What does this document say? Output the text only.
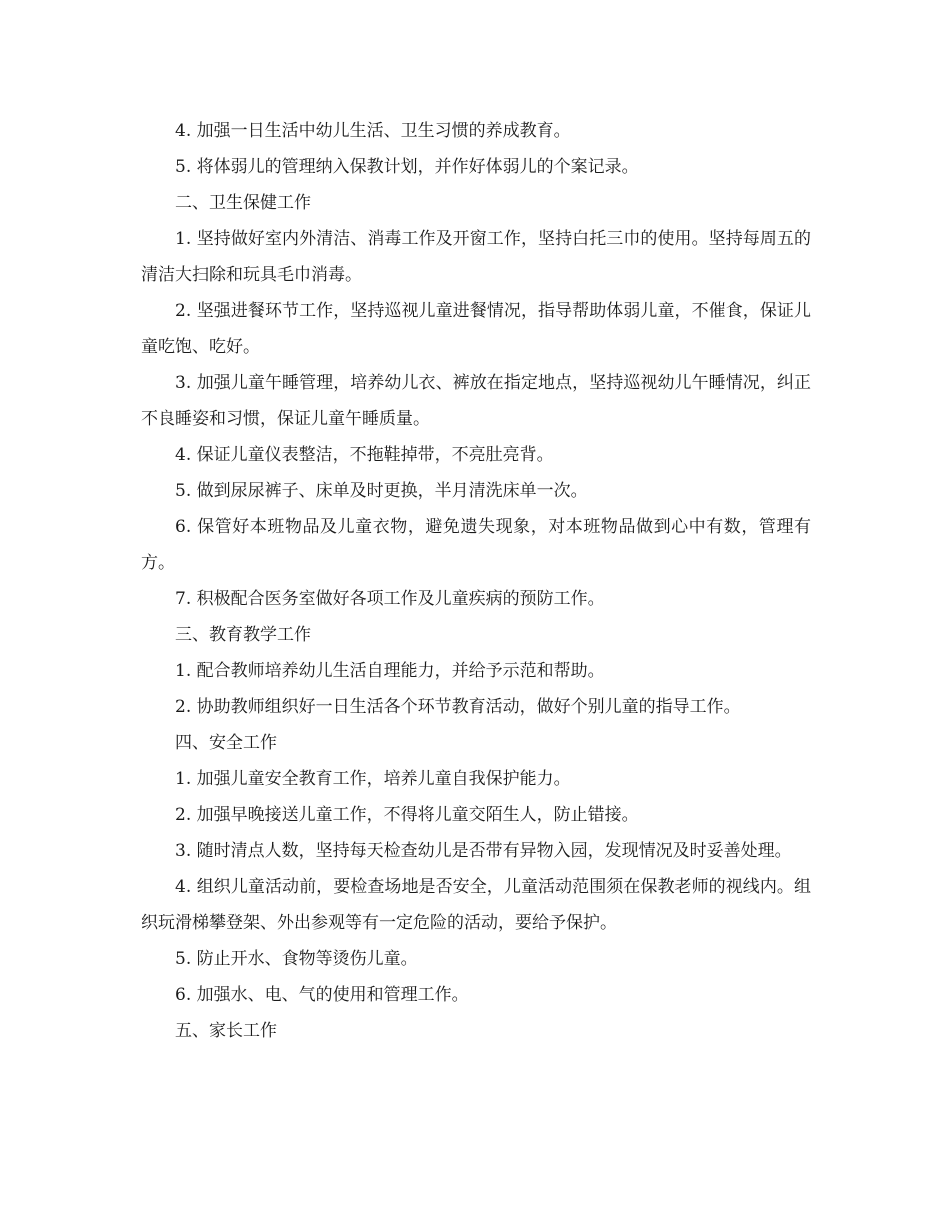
4. 加强一日生活中幼儿生活、卫生习惯的养成教育。

5. 将体弱儿的管理纳入保教计划，并作好体弱儿的个案记录。

二、卫生保健工作

1. 坚持做好室内外清洁、消毒工作及开窗工作，坚持白托三巾的使用。坚持每周五的清洁大扫除和玩具毛巾消毒。

2. 坚强进餐环节工作，坚持巡视儿童进餐情况，指导帮助体弱儿童，不催食，保证儿童吃饱、吃好。

3. 加强儿童午睡管理，培养幼儿衣、裤放在指定地点，坚持巡视幼儿午睡情况，纠正不良睡姿和习惯，保证儿童午睡质量。

4. 保证儿童仪表整洁，不拖鞋掉带，不亮肚亮背。

5. 做到尿尿裤子、床单及时更换，半月清洗床单一次。

6. 保管好本班物品及儿童衣物，避免遗失现象，对本班物品做到心中有数，管理有方。

7. 积极配合医务室做好各项工作及儿童疾病的预防工作。

三、教育教学工作

1. 配合教师培养幼儿生活自理能力，并给予示范和帮助。

2. 协助教师组织好一日生活各个环节教育活动，做好个别儿童的指导工作。

四、安全工作

1. 加强儿童安全教育工作，培养儿童自我保护能力。

2. 加强早晚接送儿童工作，不得将儿童交陌生人，防止错接。

3. 随时清点人数，坚持每天检查幼儿是否带有异物入园，发现情况及时妥善处理。

4. 组织儿童活动前，要检查场地是否安全，儿童活动范围须在保教老师的视线内。组织玩滑梯攀登架、外出参观等有一定危险的活动，要给予保护。

5. 防止开水、食物等烫伤儿童。

6. 加强水、电、气的使用和管理工作。

五、家长工作
